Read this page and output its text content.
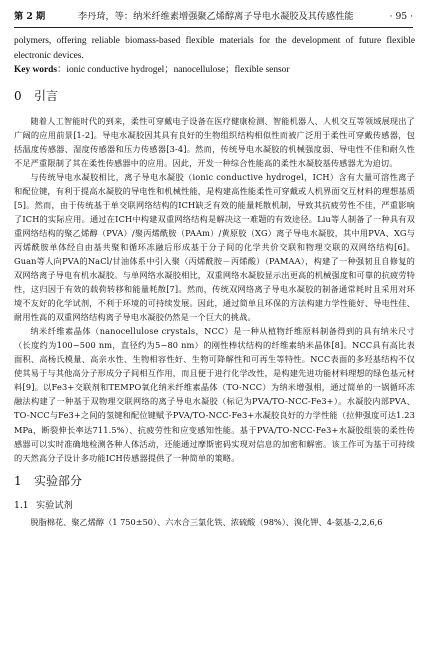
第 2 期	李丹琦，等：纳米纤维素增强聚乙烯醇离子导电水凝胶及其传感性能	· 95 ·

polymers, offering reliable biomass-based flexible materials for the development of future flexible electronic devices.

Key words：ionic conductive hydrogel；nanocellulose；flexible sensor

0 引言

随着人工智能时代的到来，柔性可穿戴电子设备在医疗健康检测、智能机器人、人机交互等领域展现出了广阔的应用前景[1-2]。导电水凝胶因其具有良好的生物组织结构相似性而被广泛用于柔性可穿戴传感器，包括温度传感器、湿度传感器和压力传感器[3-4]。然而，传统导电水凝胶的机械强度弱、导电性不佳和耐久性不足严重限制了其在柔性传感器中的应用。因此，开发一种综合性能高的柔性水凝胶基传感器尤为迫切。

与传统导电水凝胶相比，离子导电水凝胶（ionic conductive hydrogel，ICH）含有大量可溶性离子和配位键，有利于提高水凝胶的导电性和机械性能，是构建高性能柔性可穿戴或人机界面交互材料的理想基质[5]。然而，由于传统基于单交联网络结构的ICH缺乏有效的能量耗散机制，导致其抗疲劳性不佳，严重影响了ICH的实际应用。通过在ICH中构建双重网络结构是解决这一难题的有效途径。Liu等人制备了一种具有双重网络结构的聚乙烯醇（PVA）/聚丙烯酰胺（PAAm）/黄原胶（XG）离子导电水凝胶，其中用PVA、XG与丙烯酰胺单体经自由基共聚和循环冻融后形成基于分子间的化学共价交联和物理交联的双网络结构[6]。Guan等人向PVA的NaCl/甘油体系中引入聚（丙烯酰胺－丙烯酸）（PAMAA），构建了一种强韧且自修复的双网络离子导电有机水凝胶。与单网络水凝胶相比，双重网络水凝胶显示出更高的机械强度和可靠的抗疲劳特性，这归因于有效的载荷转移和能量耗散[7]。然而，传统双网络离子导电水凝胶的制备通常耗时且采用对环境不友好的化学试剂，不利于环境的可持续发展。因此，通过简单且环保的方法构建力学性能好、导电性佳、耐用性高的双重网络结构离子导电水凝胶仍然是一个巨大的挑战。

纳米纤维素晶体（nanocellulose crystals，NCC）是一种从植物纤维原料制备得到的具有纳米尺寸（长度约为100~500 nm，直径约为5~80 nm）的刚性棒状结构的纤维素纳米晶体[8]。NCC具有高比表面积、高杨氏模量、高亲水性、生物相容性好、生物可降解性和可再生等特性。NCC表面的多羟基结构不仅使其易于与其他高分子形成分子间相互作用，而且便于进行化学改性，是构建先进功能材料理想的绿色基元材料[9]。以Fe3+交联剂和TEMPO氧化纳米纤维素晶体（TO-NCC）为纳米增强相，通过简单的一锅循环冻融法构建了一种基于双物理交联网络的离子导电水凝胶（标记为PVA/TO-NCC-Fe3+）。水凝胶内部PVA、TO-NCC与Fe3+之间的氢键和配位键赋予PVA/TO-NCC-Fe3+水凝胶良好的力学性能（拉伸强度可达1.23 MPa，断裂伸长率达711.5%）、抗疲劳性和应变感知性能。基于PVA/TO-NCC-Fe3+水凝胶组装的柔性传感器可以实时准确地检测各种人体活动，还能通过摩斯密码实现对信息的加密和解密。该工作可为基于可持续的天然高分子设计多功能ICH传感器提供了一种简单的策略。

1 实验部分
1.1 实验试剂

脱脂棉花、聚乙烯醇（1 750±50）、六水合三氯化铁、浓硫酸（98%）、溴化钾、4-氨基-2,2,6,6
